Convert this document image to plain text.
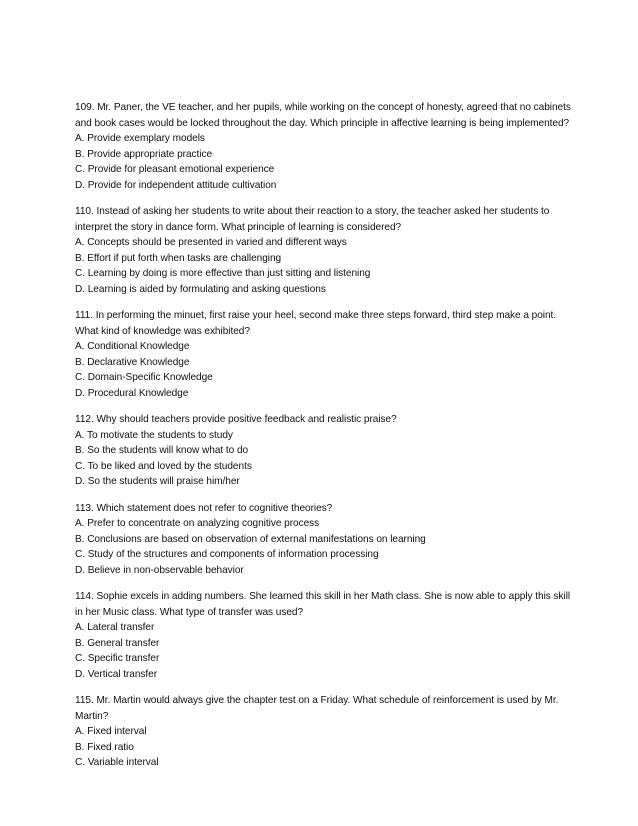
109. Mr. Paner, the VE teacher, and her pupils, while working on the concept of honesty, agreed that no cabinets and book cases would be locked throughout the day. Which principle in affective learning is being implemented?

A. Provide exemplary models
B. Provide appropriate practice
C. Provide for pleasant emotional experience
D. Provide for independent attitude cultivation

110. Instead of asking her students to write about their reaction to a story, the teacher asked her students to interpret the story in dance form. What principle of learning is considered?

A. Concepts should be presented in varied and different ways
B. Effort if put forth when tasks are challenging
C. Learning by doing is more effective than just sitting and listening
D. Learning is aided by formulating and asking questions

111. In performing the minuet, first raise your heel, second make three steps forward, third step make a point. What kind of knowledge was exhibited?

A. Conditional Knowledge
B. Declarative Knowledge
C. Domain-Specific Knowledge
D. Procedural Knowledge

112. Why should teachers provide positive feedback and realistic praise?

A. To motivate the students to study
B. So the students will know what to do
C. To be liked and loved by the students
D. So the students will praise him/her

113. Which statement does not refer to cognitive theories?

A. Prefer to concentrate on analyzing cognitive process
B. Conclusions are based on observation of external manifestations on learning
C. Study of the structures and components of information processing
D. Believe in non-observable behavior

114. Sophie excels in adding numbers. She learned this skill in her Math class. She is now able to apply this skill in her Music class. What type of transfer was used?

A. Lateral transfer
B. General transfer
C. Specific transfer
D. Vertical transfer

115. Mr. Martin would always give the chapter test on a Friday. What schedule of reinforcement is used by Mr. Martin?

A. Fixed interval
B. Fixed ratio
C. Variable interval
